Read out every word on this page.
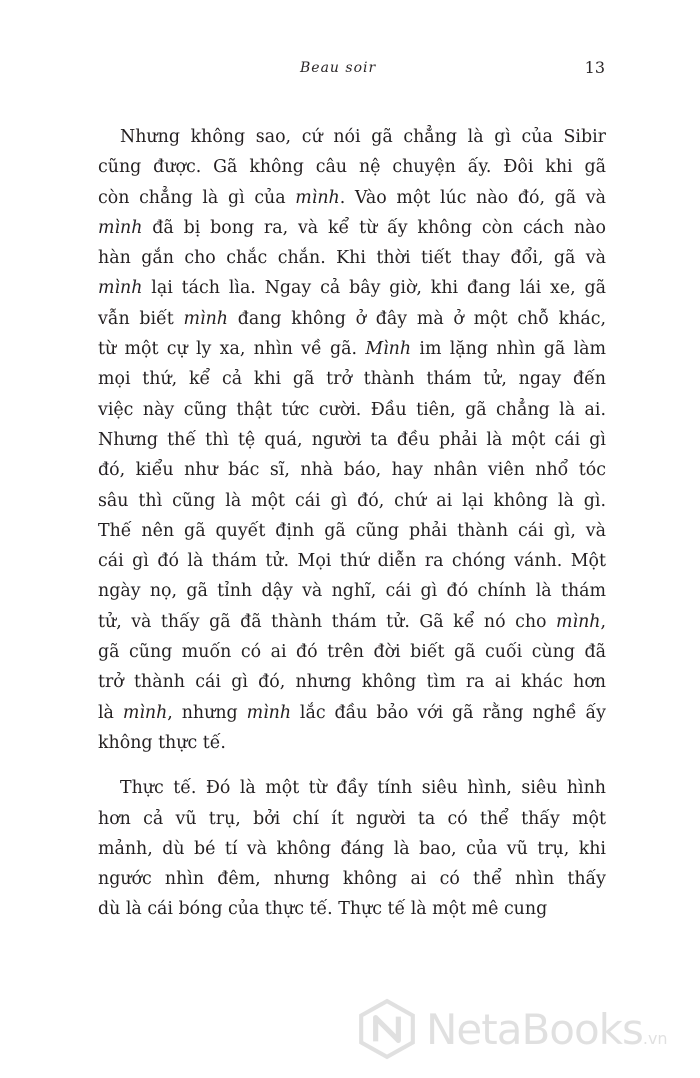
Beau soir	13

Nhưng không sao, cứ nói gã chẳng là gì của Sibir
cũng được. Gã không câu nệ chuyện ấy. Đôi khi gã
còn chẳng là gì của mình. Vào một lúc nào đó, gã và
mình đã bị bong ra, và kể từ ấy không còn cách nào
hàn gắn cho chắc chắn. Khi thời tiết thay đổi, gã và
mình lại tách lìa. Ngay cả bây giờ, khi đang lái xe, gã
vẫn biết mình đang không ở đây mà ở một chỗ khác,
từ một cự ly xa, nhìn về gã. Mình im lặng nhìn gã làm
mọi thứ, kể cả khi gã trở thành thám tử, ngay đến
việc này cũng thật tức cười. Đầu tiên, gã chẳng là ai.
Nhưng thế thì tệ quá, người ta đều phải là một cái gì
đó, kiểu như bác sĩ, nhà báo, hay nhân viên nhổ tóc
sâu thì cũng là một cái gì đó, chứ ai lại không là gì.
Thế nên gã quyết định gã cũng phải thành cái gì, và
cái gì đó là thám tử. Mọi thứ diễn ra chóng vánh. Một
ngày nọ, gã tỉnh dậy và nghĩ, cái gì đó chính là thám
tử, và thấy gã đã thành thám tử. Gã kể nó cho mình,
gã cũng muốn có ai đó trên đời biết gã cuối cùng đã
trở thành cái gì đó, nhưng không tìm ra ai khác hơn
là mình, nhưng mình lắc đầu bảo với gã rằng nghề ấy
không thực tế.

Thực tế. Đó là một từ đầy tính siêu hình, siêu hình
hơn cả vũ trụ, bởi chí ít người ta có thể thấy một
mảnh, dù bé tí và không đáng là bao, của vũ trụ, khi
ngước nhìn đêm, nhưng không ai có thể nhìn thấy
dù là cái bóng của thực tế. Thực tế là một mê cung

NetaBooks.vn
